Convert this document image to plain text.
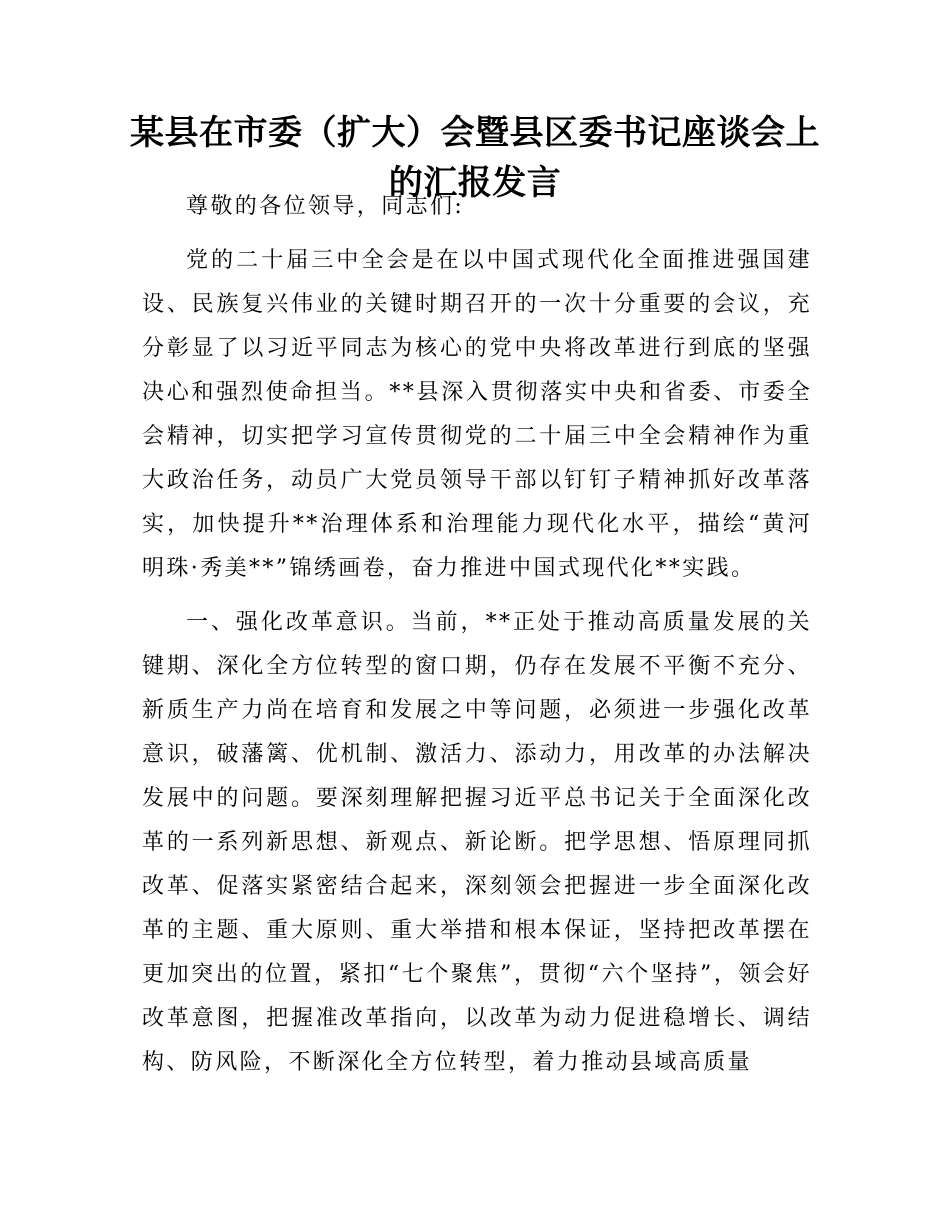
某县在市委（扩大）会暨县区委书记座谈会上的汇报发言

尊敬的各位领导，同志们:

党的二十届三中全会是在以中国式现代化全面推进强国建设、民族复兴伟业的关键时期召开的一次十分重要的会议，充分彰显了以习近平同志为核心的党中央将改革进行到底的坚强决心和强烈使命担当。**县深入贯彻落实中央和省委、市委全会精神，切实把学习宣传贯彻党的二十届三中全会精神作为重大政治任务，动员广大党员领导干部以钉钉子精神抓好改革落实，加快提升**治理体系和治理能力现代化水平，描绘“黄河明珠·秀美**”锦绣画卷，奋力推进中国式现代化**实践。

一、强化改革意识。当前，**正处于推动高质量发展的关键期、深化全方位转型的窗口期，仍存在发展不平衡不充分、新质生产力尚在培育和发展之中等问题，必须进一步强化改革意识，破藩篱、优机制、激活力、添动力，用改革的办法解决发展中的问题。要深刻理解把握习近平总书记关于全面深化改革的一系列新思想、新观点、新论断。把学思想、悟原理同抓改革、促落实紧密结合起来，深刻领会把握进一步全面深化改革的主题、重大原则、重大举措和根本保证，坚持把改革摆在更加突出的位置，紧扣“七个聚焦”，贯彻“六个坚持”，领会好改革意图，把握准改革指向，以改革为动力促进稳增长、调结构、防风险，不断深化全方位转型，着力推动县域高质量
